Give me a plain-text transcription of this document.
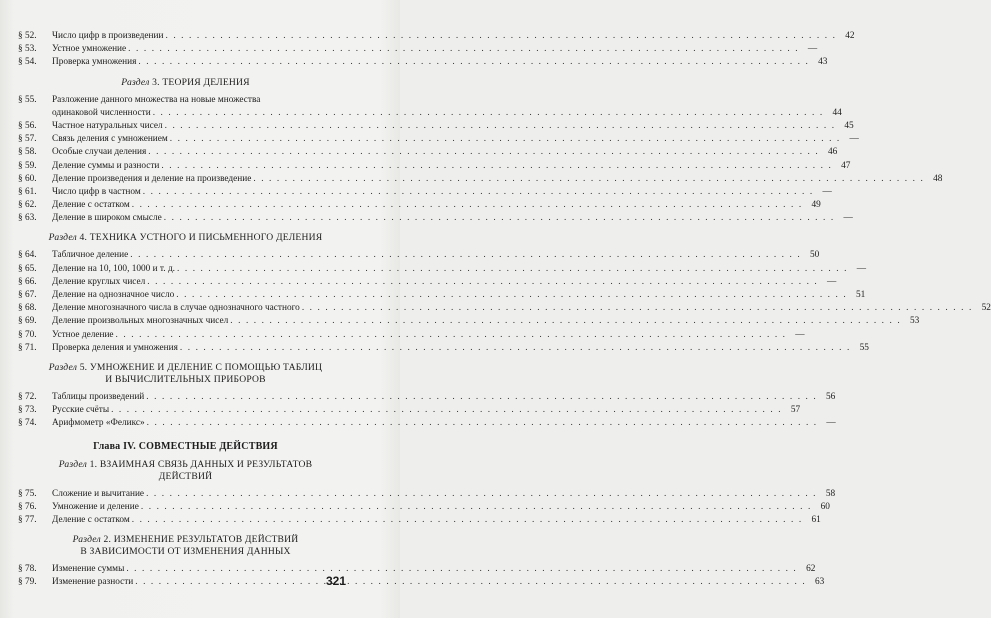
§ 52.	Число цифр в произведении . . .	42
§ 53.	Устное умножение . . .	—
§ 54.	Проверка умножения . . .	43
Раздел 3. ТЕОРИЯ ДЕЛЕНИЯ
§ 55.	Разложение данного множества на новые множества
одинаковой численности . . .	44
§ 56.	Частное натуральных чисел . . .	45
§ 57.	Связь деления с умножением . . .	—
§ 58.	Особые случаи деления . . .	46
§ 59.	Деление суммы и разности . . .	47
§ 60.	Деление произведения и деление на произведение . . .	48
§ 61.	Число цифр в частном . . .	—
§ 62.	Деление с остатком . . .	49
§ 63.	Деление в широком смысле . . .	—
Раздел 4. ТЕХНИКА УСТНОГО И ПИСЬМЕННОГО ДЕЛЕНИЯ
§ 64.	Табличное деление . . .	50
§ 65.	Деление на 10, 100, 1000 и т. д. . . .	—
§ 66.	Деление круглых чисел . . .	—
§ 67.	Деление на однозначное число . . .	51
§ 68.	Деление многозначного числа в случае однозначного частного . . .	52
§ 69.	Деление произвольных многозначных чисел . . .	53
§ 70.	Устное деление . . .	—
§ 71.	Проверка деления и умножения . . .	55
Раздел 5. УМНОЖЕНИЕ И ДЕЛЕНИЕ С ПОМОЩЬЮ ТАБЛИЦ
И ВЫЧИСЛИТЕЛЬНЫХ ПРИБОРОВ
§ 72.	Таблицы произведений . . .	56
§ 73.	Русские счёты . . .	57
§ 74.	Арифмометр «Феликс» . . .	—
Глава IV. СОВМЕСТНЫЕ ДЕЙСТВИЯ
Раздел 1. ВЗАИМНАЯ СВЯЗЬ ДАННЫХ И РЕЗУЛЬТАТОВ
ДЕЙСТВИЙ
§ 75.	Сложение и вычитание . . .	58
§ 76.	Умножение и деление . . .	60
§ 77.	Деление с остатком . . .	61
Раздел 2. ИЗМЕНЕНИЕ РЕЗУЛЬТАТОВ ДЕЙСТВИЙ
В ЗАВИСИМОСТИ ОТ ИЗМЕНЕНИЯ ДАННЫХ
§ 78.	Изменение суммы . . .	62
§ 79.	Изменение разности . . .	63
321
